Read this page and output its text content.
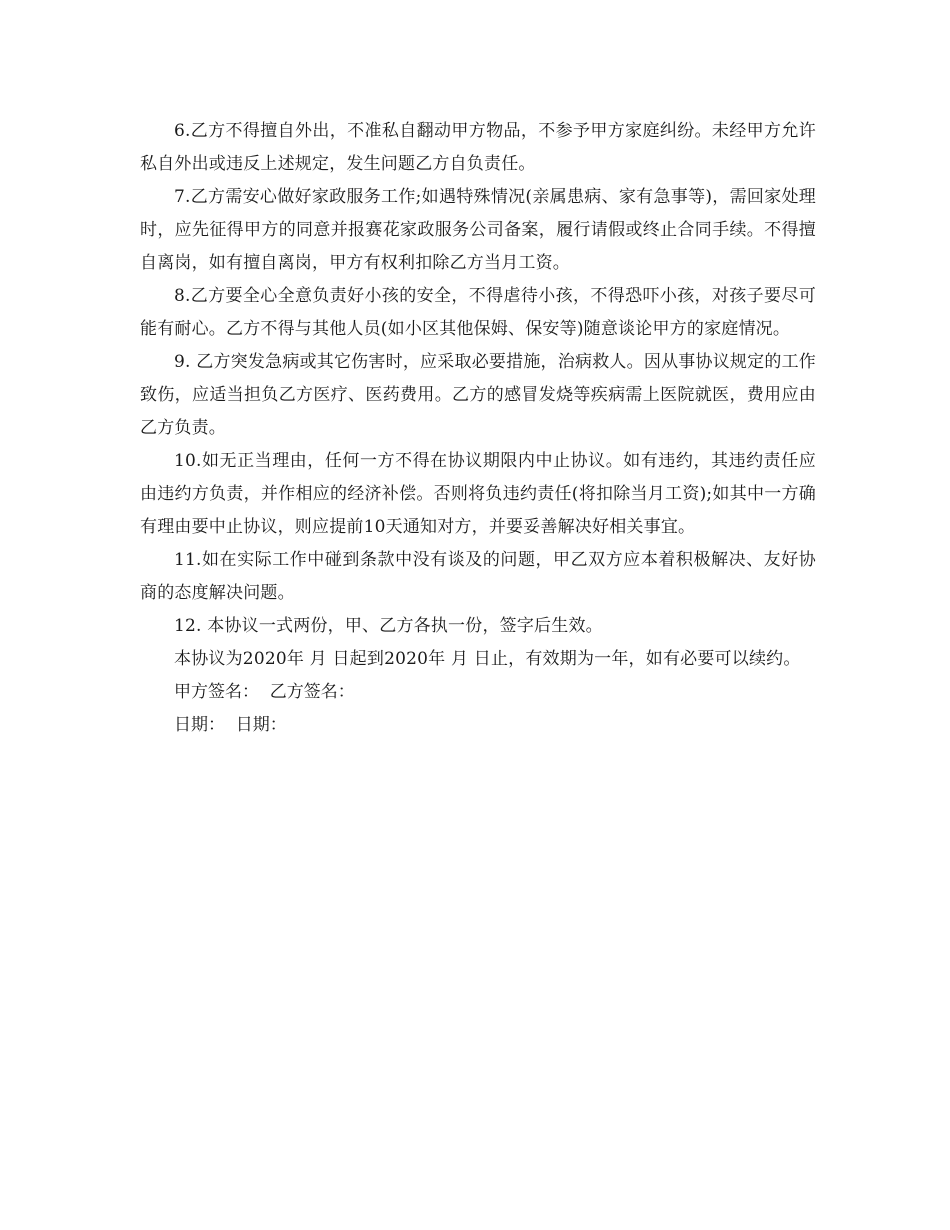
6.乙方不得擅自外出，不准私自翻动甲方物品，不参予甲方家庭纠纷。未经甲方允许私自外出或违反上述规定，发生问题乙方自负责任。

7.乙方需安心做好家政服务工作;如遇特殊情况(亲属患病、家有急事等)，需回家处理时，应先征得甲方的同意并报赛花家政服务公司备案，履行请假或终止合同手续。不得擅自离岗，如有擅自离岗，甲方有权利扣除乙方当月工资。

8.乙方要全心全意负责好小孩的安全，不得虐待小孩，不得恐吓小孩，对孩子要尽可能有耐心。乙方不得与其他人员(如小区其他保姆、保安等)随意谈论甲方的家庭情况。

9. 乙方突发急病或其它伤害时，应采取必要措施，治病救人。因从事协议规定的工作致伤，应适当担负乙方医疗、医药费用。乙方的感冒发烧等疾病需上医院就医，费用应由乙方负责。

10.如无正当理由，任何一方不得在协议期限内中止协议。如有违约，其违约责任应由违约方负责，并作相应的经济补偿。否则将负违约责任(将扣除当月工资);如其中一方确有理由要中止协议，则应提前10天通知对方，并要妥善解决好相关事宜。

11.如在实际工作中碰到条款中没有谈及的问题，甲乙双方应本着积极解决、友好协商的态度解决问题。

12. 本协议一式两份，甲、乙方各执一份，签字后生效。

本协议为2020年 月 日起到2020年 月 日止，有效期为一年，如有必要可以续约。

甲方签名：  乙方签名：

日期：  日期：
